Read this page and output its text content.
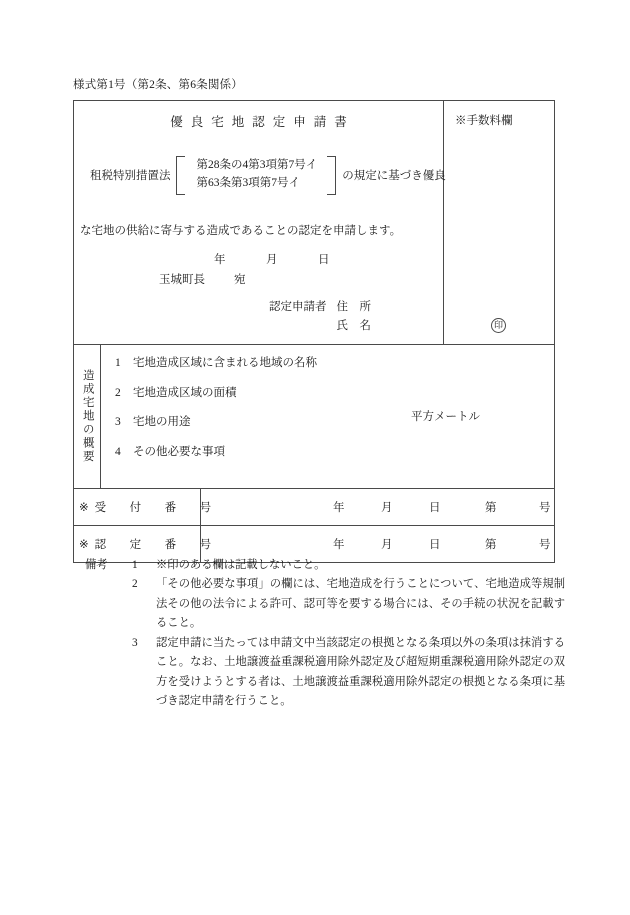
様式第1号（第2条、第6条関係）
優良宅地認定申請書
租税特別措置法
第28条の4第3項第7号イ
第63条第3項第7号イ
の規定に基づき優良
な宅地の供給に寄与する造成であることの認定を申請します。
年	月	日
玉城町長	宛
認定申請者 住　所
氏　名	印
※手数料欄
造成宅地の概要
1 宅地造成区域に含まれる地域の名称
2 宅地造成区域の面積
3 宅地の用途
4 その他必要な事項
平方メートル
※ 受　付　番　号	年	月	日	第	号
※ 認　定　番　号	年	月	日	第	号
備考 1 ※印のある欄は記載しないこと。
2 「その他必要な事項」の欄には、宅地造成を行うことについて、宅地造成等規制法その他の法令による許可、認可等を要する場合には、その手続の状況を記載すること。
3 認定申請に当たっては申請文中当該認定の根拠となる条項以外の条項は抹消すること。なお、土地譲渡益重課税適用除外認定及び超短期重課税適用除外認定の双方を受けようとする者は、土地譲渡益重課税適用除外認定の根拠となる条項に基づき認定申請を行うこと。
